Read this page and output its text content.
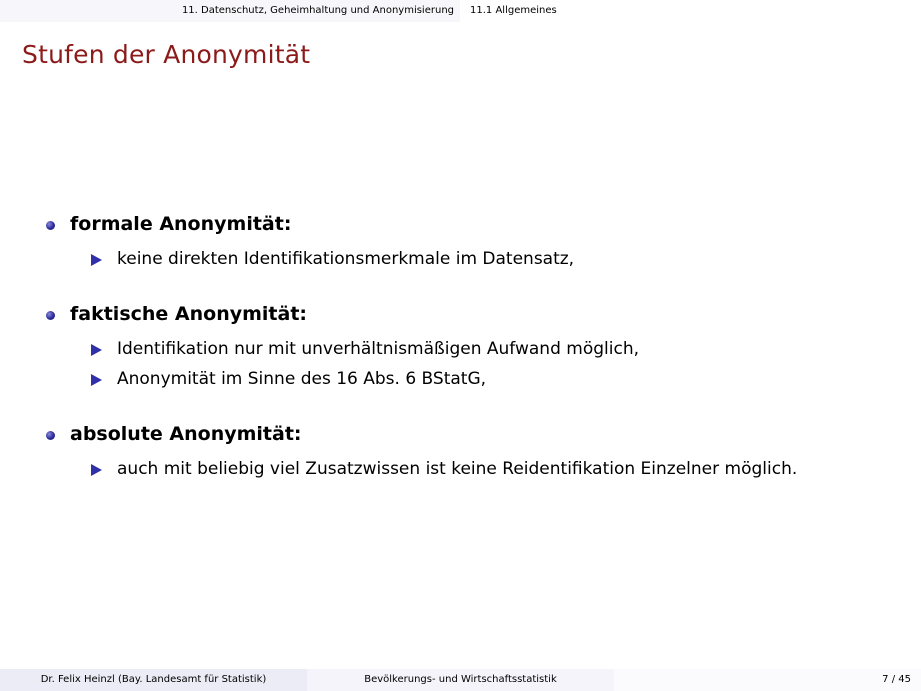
11. Datenschutz, Geheimhaltung und Anonymisierung	11.1 Allgemeines
Stufen der Anonymität
formale Anonymität:
keine direkten Identifikationsmerkmale im Datensatz,
faktische Anonymität:
Identifikation nur mit unverhältnismäßigen Aufwand möglich,
Anonymität im Sinne des 16 Abs. 6 BStatG,
absolute Anonymität:
auch mit beliebig viel Zusatzwissen ist keine Reidentifikation Einzelner möglich.
Dr. Felix Heinzl (Bay. Landesamt für Statistik)	Bevölkerungs- und Wirtschaftsstatistik	7 / 45
